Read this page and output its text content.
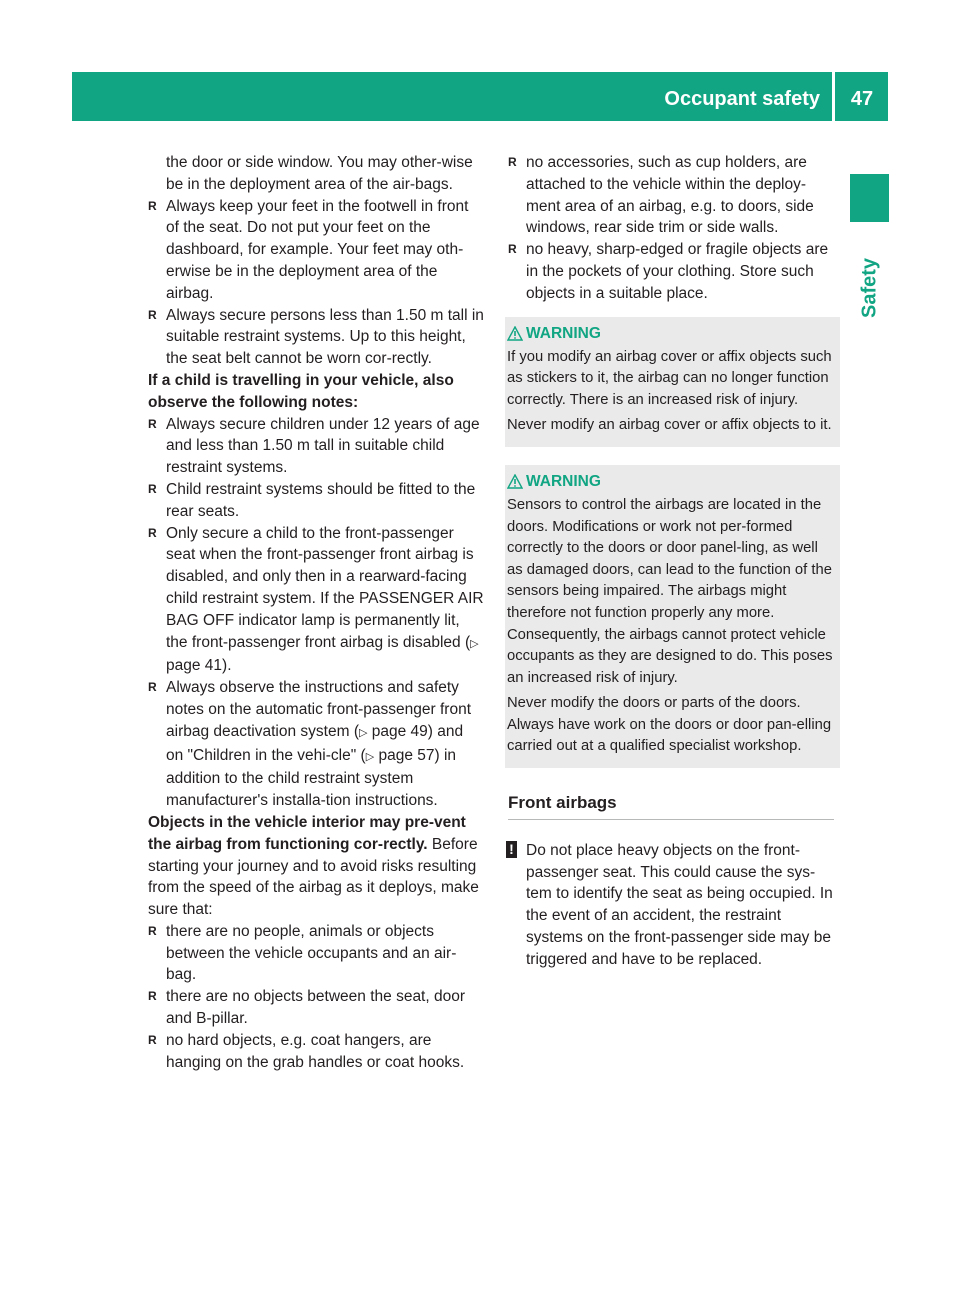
Occupant safety	47
Safety

the door or side window. You may other-wise be in the deployment area of the air-bags.

R Always keep your feet in the footwell in front of the seat. Do not put your feet on the dashboard, for example. Your feet may oth-erwise be in the deployment area of the airbag.

R Always secure persons less than 1.50 m tall in suitable restraint systems. Up to this height, the seat belt cannot be worn cor-rectly.

If a child is travelling in your vehicle, also observe the following notes:

R Always secure children under 12 years of age and less than 1.50 m tall in suitable child restraint systems.

R Child restraint systems should be fitted to the rear seats.

R Only secure a child to the front-passenger seat when the front-passenger front airbag is disabled, and only then in a rearward-facing child restraint system. If the PASSENGER AIR BAG OFF indicator lamp is permanently lit, the front-passenger front airbag is disabled (▷ page 41).

R Always observe the instructions and safety notes on the automatic front-passenger front airbag deactivation system (▷ page 49) and on "Children in the vehi-cle" (▷ page 57) in addition to the child restraint system manufacturer's installa-tion instructions.

Objects in the vehicle interior may pre-vent the airbag from functioning cor-rectly. Before starting your journey and to avoid risks resulting from the speed of the airbag as it deploys, make sure that:

R there are no people, animals or objects between the vehicle occupants and an air-bag.

R there are no objects between the seat, door and B-pillar.

R no hard objects, e.g. coat hangers, are hanging on the grab handles or coat hooks.

R no accessories, such as cup holders, are attached to the vehicle within the deploy-ment area of an airbag, e.g. to doors, side windows, rear side trim or side walls.

R no heavy, sharp-edged or fragile objects are in the pockets of your clothing. Store such objects in a suitable place.

WARNING

If you modify an airbag cover or affix objects such as stickers to it, the airbag can no longer function correctly. There is an increased risk of injury.

Never modify an airbag cover or affix objects to it.

WARNING

Sensors to control the airbags are located in the doors. Modifications or work not per-formed correctly to the doors or door panel-ling, as well as damaged doors, can lead to the function of the sensors being impaired. The airbags might therefore not function properly any more. Consequently, the airbags cannot protect vehicle occupants as they are designed to do. This poses an increased risk of injury.

Never modify the doors or parts of the doors. Always have work on the doors or door pan-elling carried out at a qualified specialist workshop.

Front airbags

! Do not place heavy objects on the front-passenger seat. This could cause the sys-tem to identify the seat as being occupied. In the event of an accident, the restraint systems on the front-passenger side may be triggered and have to be replaced.
